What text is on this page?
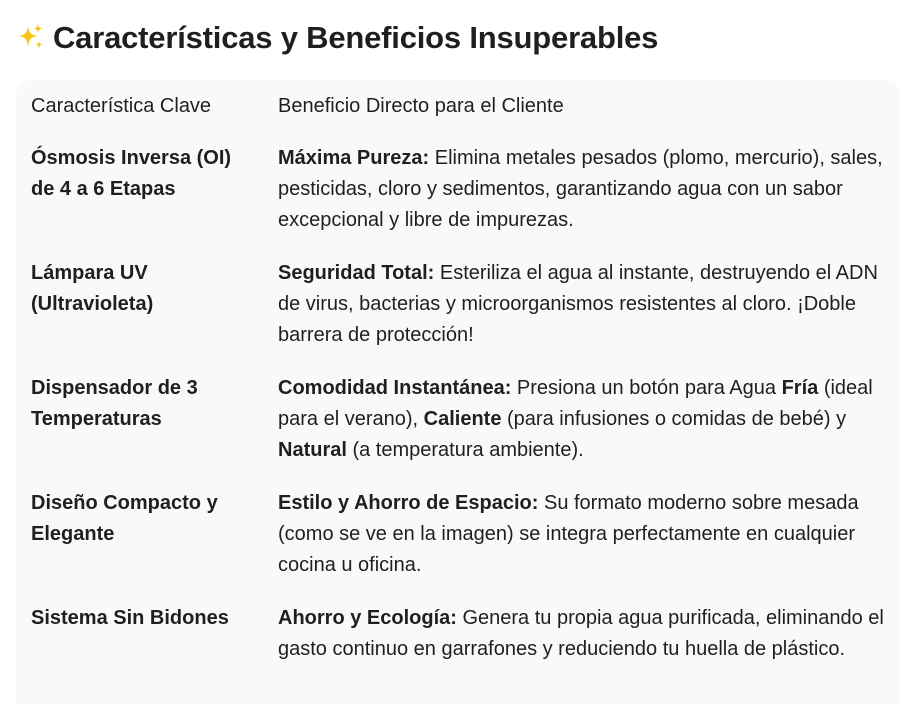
Características y Beneficios Insuperables
Característica Clave	Beneficio Directo para el Cliente
Ósmosis Inversa (OI) de 4 a 6 Etapas	Máxima Pureza: Elimina metales pesados (plomo, mercurio), sales, pesticidas, cloro y sedimentos, garantizando agua con un sabor excepcional y libre de impurezas.
Lámpara UV (Ultravioleta)	Seguridad Total: Esteriliza el agua al instante, destruyendo el ADN de virus, bacterias y microorganismos resistentes al cloro. ¡Doble barrera de protección!
Dispensador de 3 Temperaturas	Comodidad Instantánea: Presiona un botón para Agua Fría (ideal para el verano), Caliente (para infusiones o comidas de bebé) y Natural (a temperatura ambiente).
Diseño Compacto y Elegante	Estilo y Ahorro de Espacio: Su formato moderno sobre mesada (como se ve en la imagen) se integra perfectamente en cualquier cocina u oficina.
Sistema Sin Bidones	Ahorro y Ecología: Genera tu propia agua purificada, eliminando el gasto continuo en garrafones y reduciendo tu huella de plástico.
